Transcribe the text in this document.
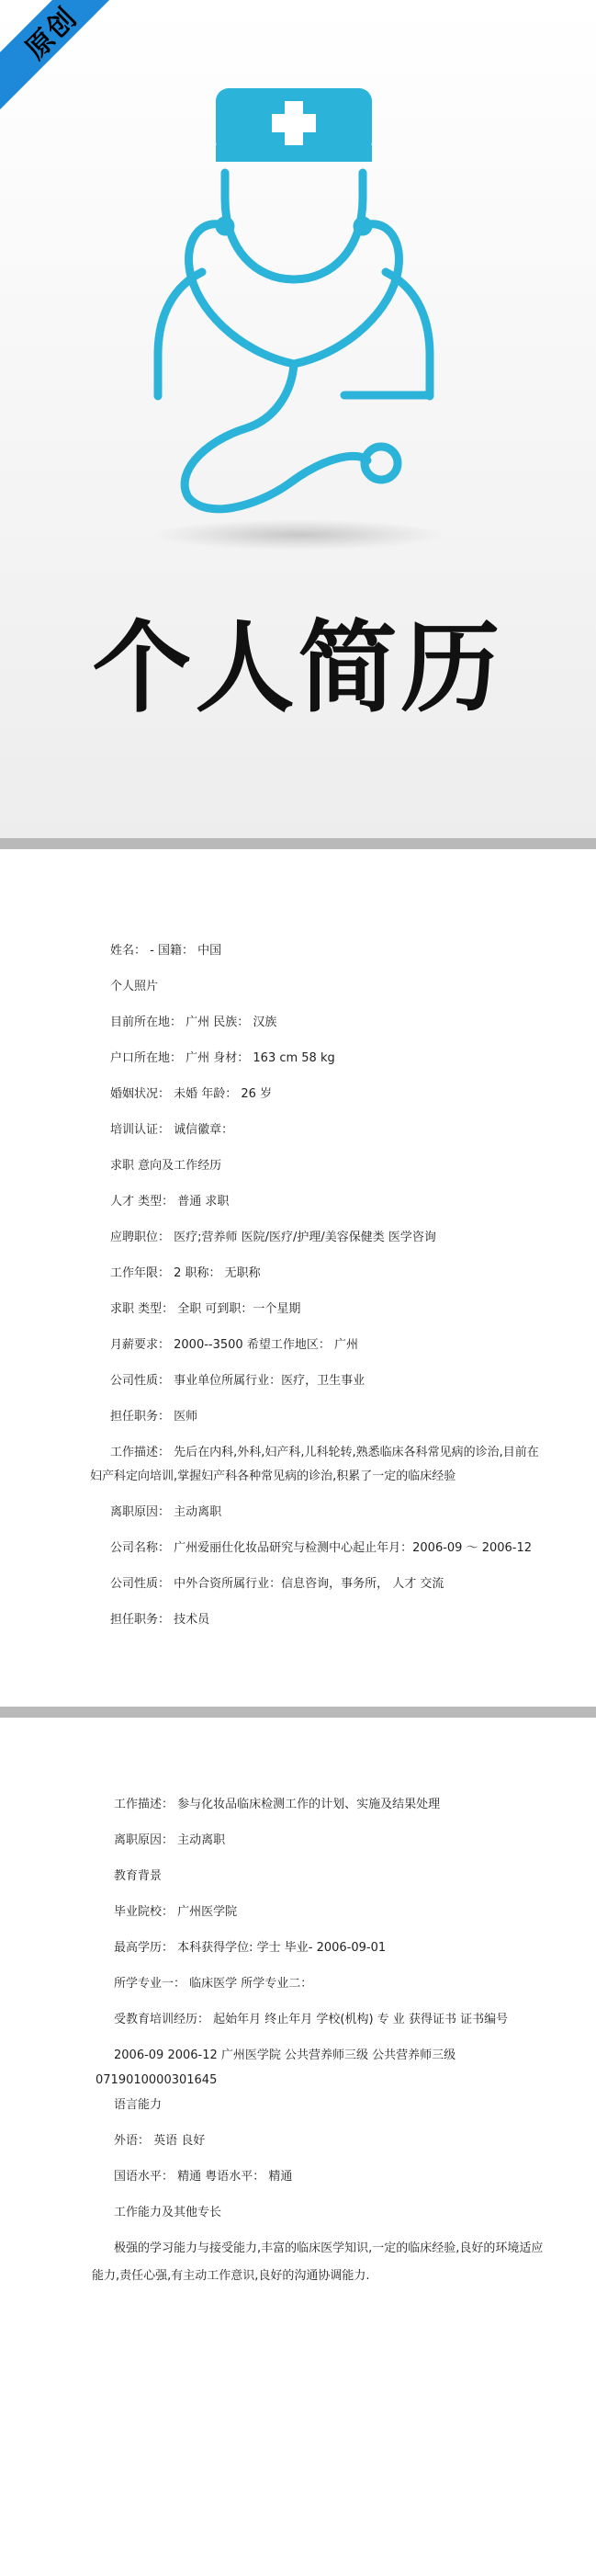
原创
个人简历
姓名： - 国籍： 中国
个人照片
目前所在地： 广州 民族： 汉族
户口所在地： 广州 身材： 163 cm 58 kg
婚姻状况： 未婚 年龄： 26 岁
培训认证： 诚信徽章：
求职 意向及工作经历
人才 类型： 普通 求职
应聘职位： 医疗;营养师 医院/医疗/护理/美容保健类 医学咨询
工作年限： 2 职称： 无职称
求职 类型： 全职 可到职：一个星期
月薪要求： 2000--3500 希望工作地区： 广州
公司性质： 事业单位所属行业：医疗，卫生事业
担任职务： 医师
工作描述： 先后在内科,外科,妇产科,儿科轮转,熟悉临床各科常见病的诊治,目前在
妇产科定向培训,掌握妇产科各种常见病的诊治,积累了一定的临床经验
离职原因： 主动离职
公司名称： 广州爱丽仕化妆品研究与检测中心起止年月：2006-09 ～ 2006-12
公司性质： 中外合资所属行业：信息咨询，事务所， 人才 交流
担任职务： 技术员
工作描述： 参与化妆品临床检测工作的计划、实施及结果处理
离职原因： 主动离职
教育背景
毕业院校： 广州医学院
最高学历： 本科获得学位: 学士 毕业- 2006-09-01
所学专业一： 临床医学 所学专业二：
受教育培训经历： 起始年月 终止年月 学校(机构) 专 业 获得证书 证书编号
2006-09 2006-12 广州医学院 公共营养师三级 公共营养师三级
0719010000301645
语言能力
外语： 英语 良好
国语水平： 精通 粤语水平： 精通
工作能力及其他专长
极强的学习能力与接受能力,丰富的临床医学知识,一定的临床经验,良好的环境适应
能力,责任心强,有主动工作意识,良好的沟通协调能力.
